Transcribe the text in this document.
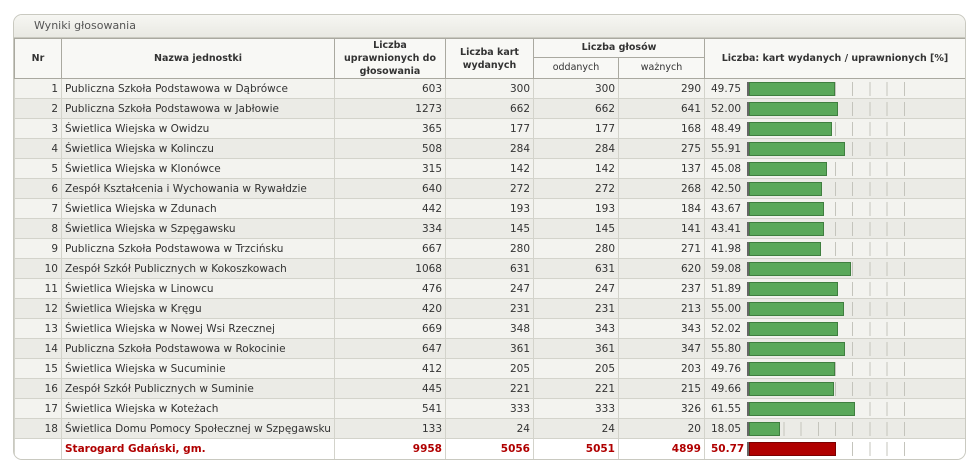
Wyniki głosowania
Nr	Nazwa jednostki	Liczba uprawnionych do głosowania	Liczba kart wydanych	Liczba głosów		Liczba: kart wydanych / uprawnionych [%]
				oddanych	ważnych	
1	Publiczna Szkoła Podstawowa w Dąbrówce	603	300	300	290	49.75

2	Publiczna Szkoła Podstawowa w Jabłowie	1273	662	662	641	52.00

3	Świetlica Wiejska w Owidzu	365	177	177	168	48.49

4	Świetlica Wiejska w Kolinczu	508	284	284	275	55.91

5	Świetlica Wiejska w Klonówce	315	142	142	137	45.08

6	Zespół Kształcenia i Wychowania w Rywałdzie	640	272	272	268	42.50

7	Świetlica Wiejska w Zdunach	442	193	193	184	43.67

8	Świetlica Wiejska w Szpęgawsku	334	145	145	141	43.41

9	Publiczna Szkoła Podstawowa w Trzcińsku	667	280	280	271	41.98

10	Zespół Szkół Publicznych w Kokoszkowach	1068	631	631	620	59.08

11	Świetlica Wiejska w Linowcu	476	247	247	237	51.89

12	Świetlica Wiejska w Kręgu	420	231	231	213	55.00

13	Świetlica Wiejska w Nowej Wsi Rzecznej	669	348	343	343	52.02

14	Publiczna Szkoła Podstawowa w Rokocinie	647	361	361	347	55.80

15	Świetlica Wiejska w Sucuminie	412	205	205	203	49.76

16	Zespół Szkół Publicznych w Suminie	445	221	221	215	49.66

17	Świetlica Wiejska w Koteżach	541	333	333	326	61.55

18	Świetlica Domu Pomocy Społecznej w Szpęgawsku	133	24	24	20	18.05

	Starogard Gdański, gm.	9958	5056	5051	4899	50.77
